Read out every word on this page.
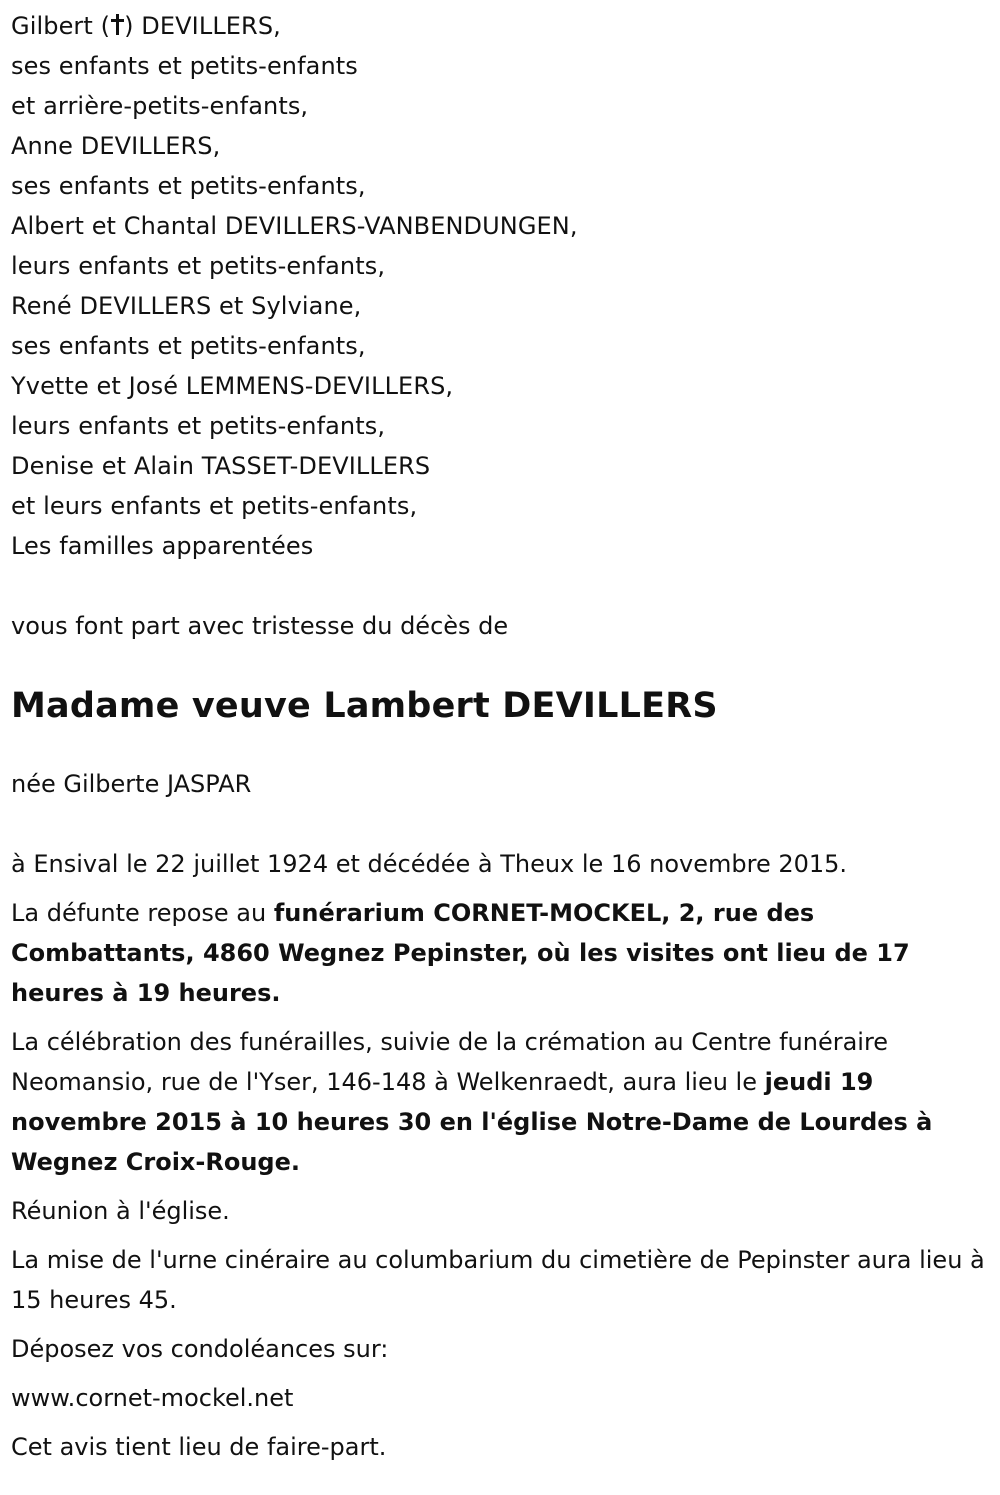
Gilbert ( ) DEVILLERS,
ses enfants et petits-enfants
et arrière-petits-enfants,
Anne DEVILLERS,
ses enfants et petits-enfants,
Albert et Chantal DEVILLERS-VANBENDUNGEN,
leurs enfants et petits-enfants,
René DEVILLERS et Sylviane,
ses enfants et petits-enfants,
Yvette et José LEMMENS-DEVILLERS,
leurs enfants et petits-enfants,
Denise et Alain TASSET-DEVILLERS
et leurs enfants et petits-enfants,
Les familles apparentées
vous font part avec tristesse du décès de
Madame veuve Lambert DEVILLERS
née Gilberte JASPAR

à Ensival le 22 juillet 1924 et décédée à Theux le 16 novembre 2015.

La défunte repose au funérarium CORNET-MOCKEL, 2, rue des Combattants, 4860 Wegnez Pepinster, où les visites ont lieu de 17 heures à 19 heures.

La célébration des funérailles, suivie de la crémation au Centre funéraire Neomansio, rue de l'Yser, 146-148 à Welkenraedt, aura lieu le jeudi 19 novembre 2015 à 10 heures 30 en l'église Notre-Dame de Lourdes à Wegnez Croix-Rouge.

Réunion à l'église.

La mise de l'urne cinéraire au columbarium du cimetière de Pepinster aura lieu à 15 heures 45.

Déposez vos condoléances sur:

www.cornet-mockel.net

Cet avis tient lieu de faire-part.
